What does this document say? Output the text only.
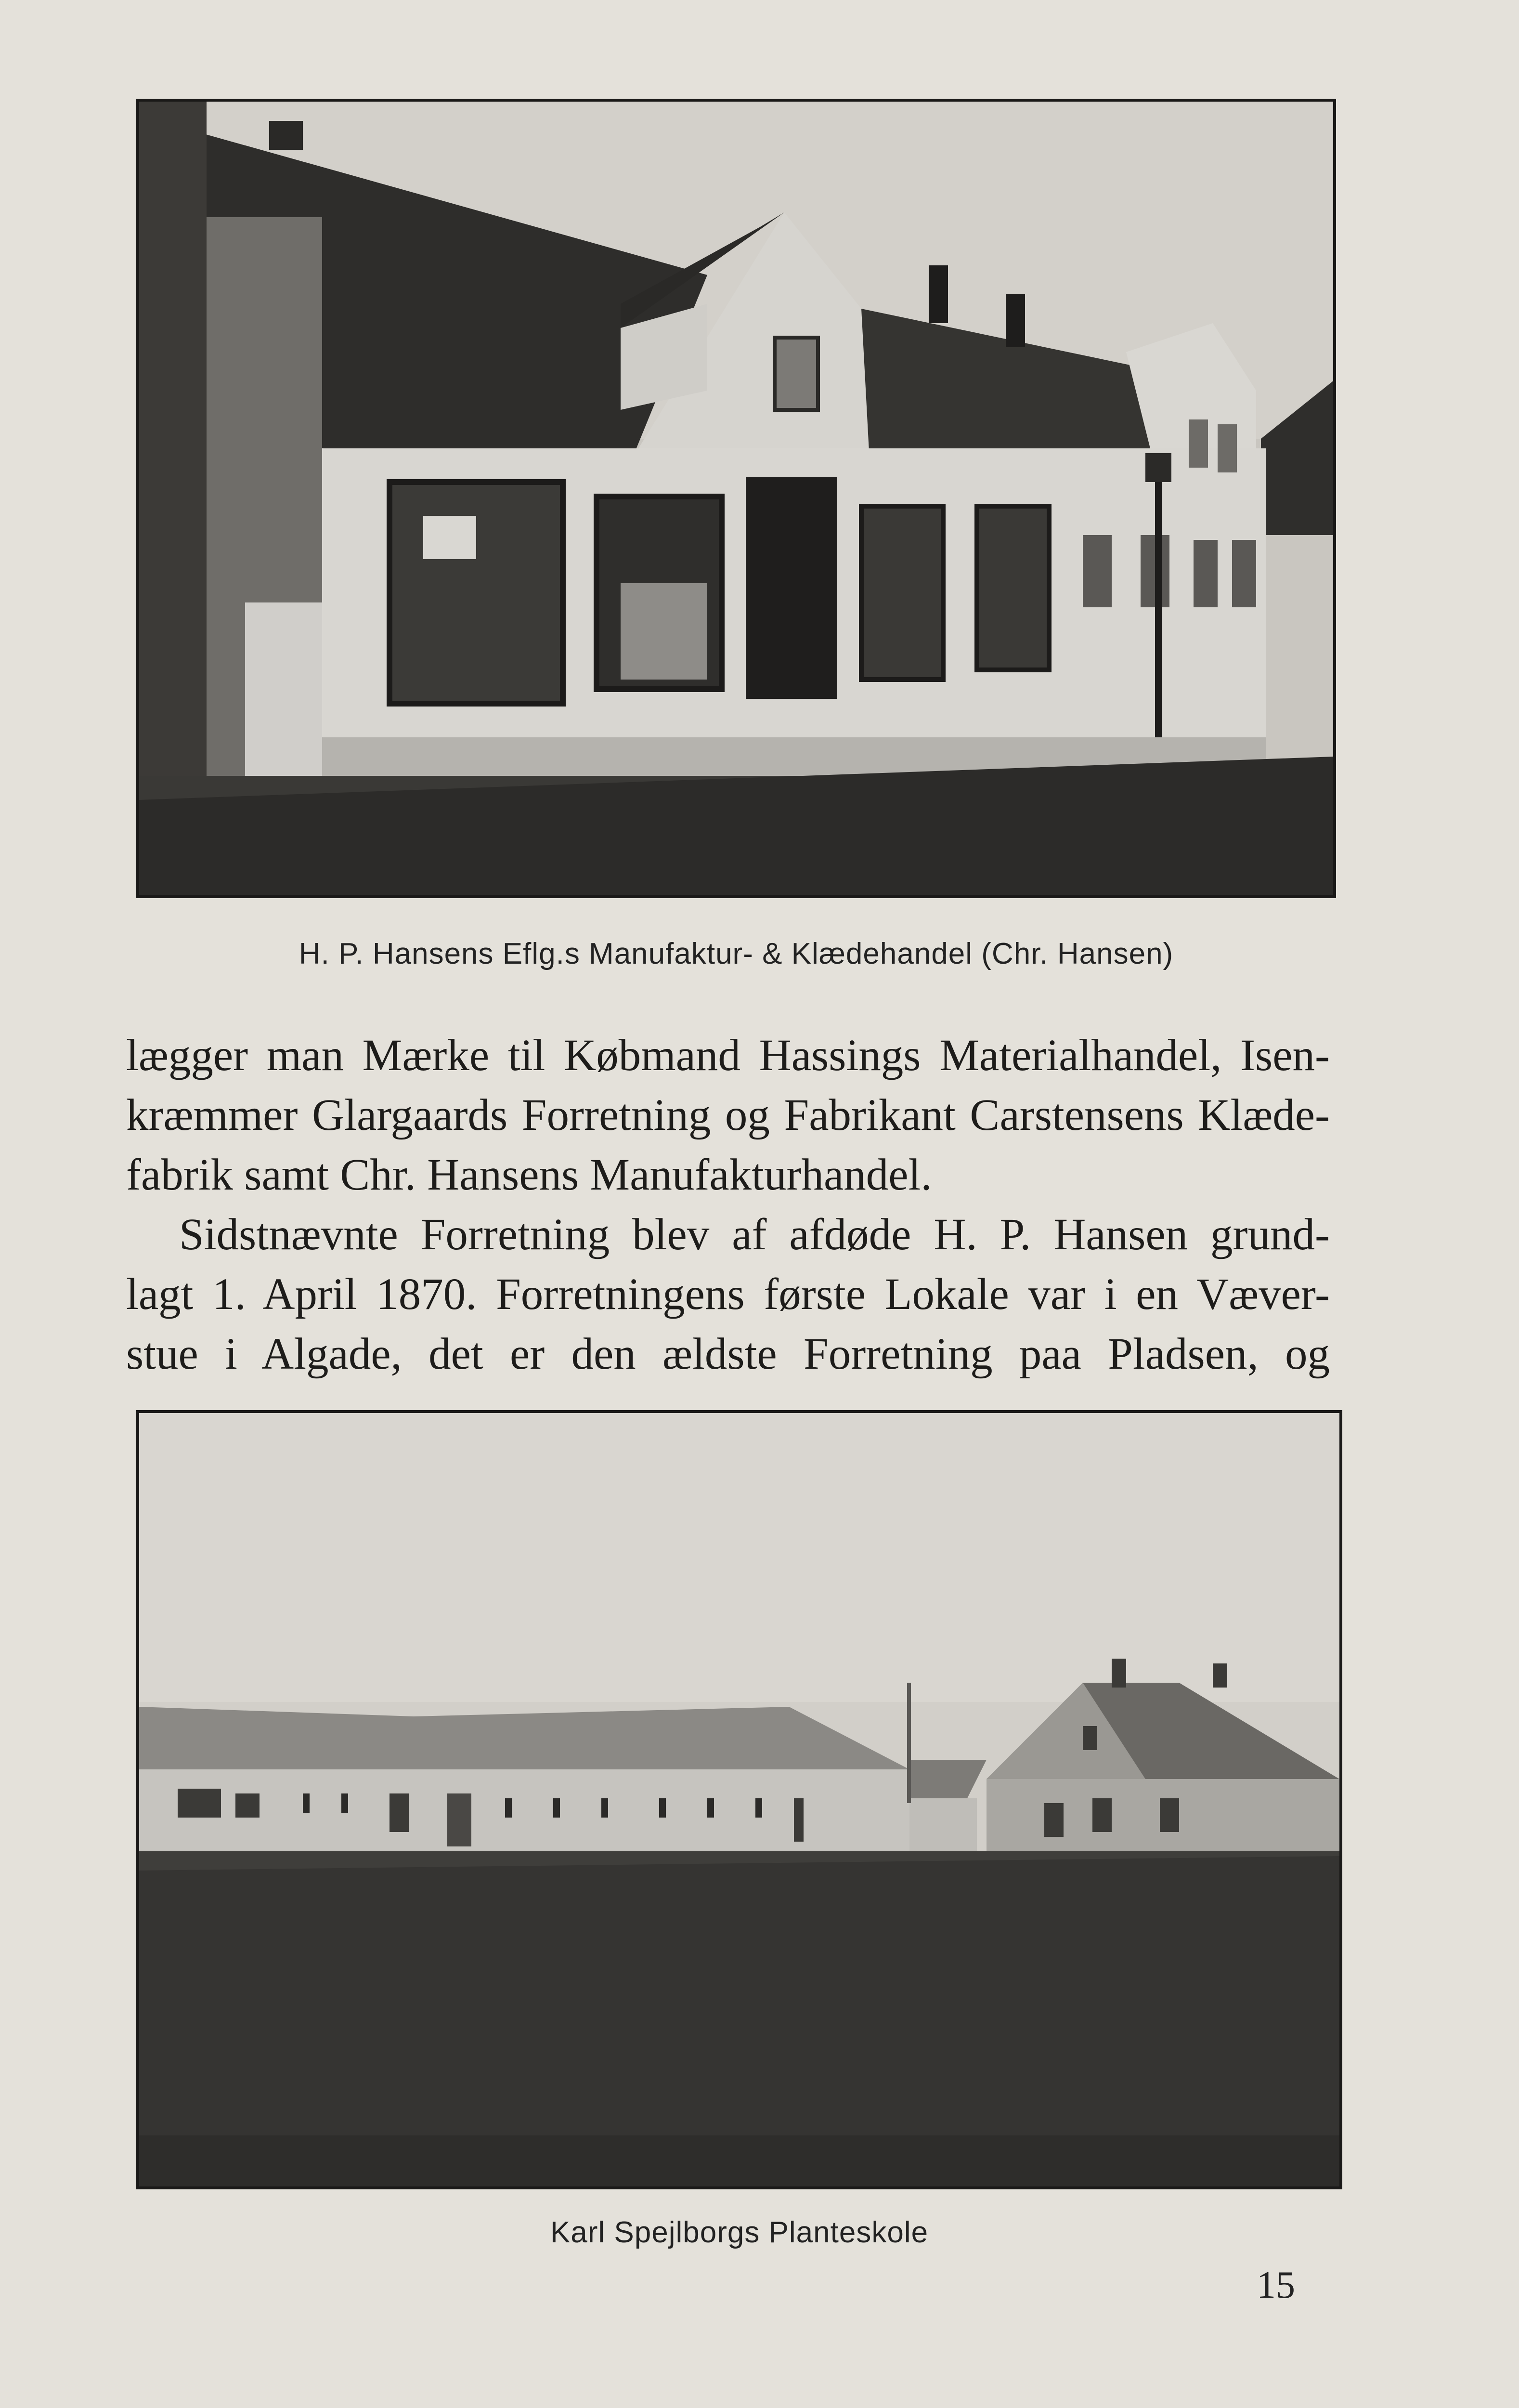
H. P. Hansens Eflg.s Manufaktur- & Klædehandel (Chr. Hansen)

lægger man Mærke til Købmand Hassings Materialhandel, Isen-

kræmmer Glargaards Forretning og Fabrikant Carstensens Klæde-

fabrik samt Chr. Hansens Manufakturhandel.

Sidstnævnte Forretning blev af afdøde H. P. Hansen grund-

lagt 1. April 1870. Forretningens første Lokale var i en Væver-

stue i Algade, det er den ældste Forretning paa Pladsen, og

Karl Spejlborgs Planteskole
15
